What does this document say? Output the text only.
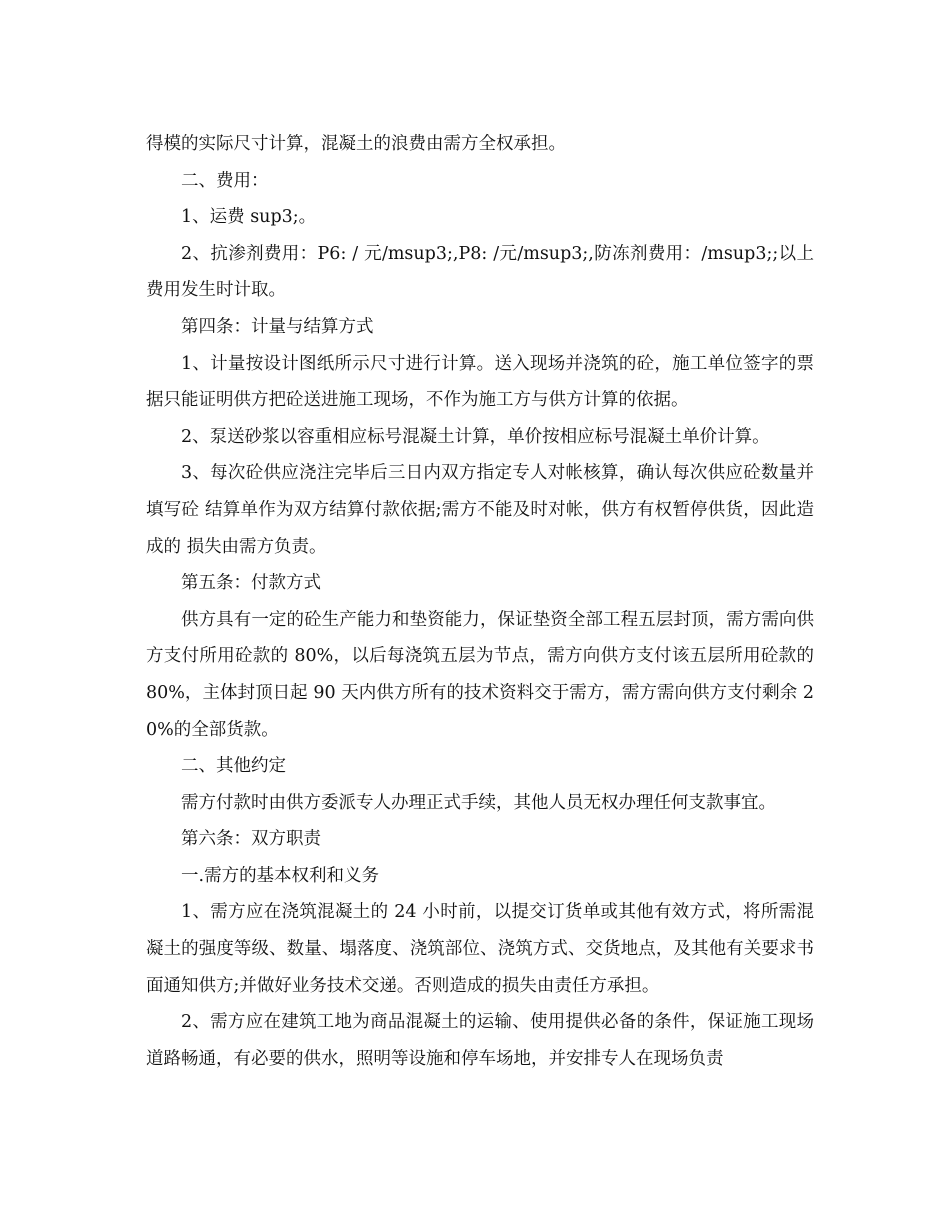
得模的实际尺寸计算，混凝土的浪费由需方全权承担。

二、费用：

1、运费 sup3;。

2、抗渗剂费用：P6: / 元/msup3;,P8: /元/msup3;,防冻剂费用：/msup3;;以上费用发生时计取。

第四条：计量与结算方式

1、计量按设计图纸所示尺寸进行计算。送入现场并浇筑的砼，施工单位签字的票据只能证明供方把砼送进施工现场，不作为施工方与供方计算的依据。

2、泵送砂浆以容重相应标号混凝土计算，单价按相应标号混凝土单价计算。

3、每次砼供应浇注完毕后三日内双方指定专人对帐核算，确认每次供应砼数量并填写砼 结算单作为双方结算付款依据;需方不能及时对帐，供方有权暂停供货，因此造成的 损失由需方负责。

第五条：付款方式

供方具有一定的砼生产能力和垫资能力，保证垫资全部工程五层封顶，需方需向供方支付所用砼款的 80%，以后每浇筑五层为节点，需方向供方支付该五层所用砼款的 80%，主体封顶日起 90 天内供方所有的技术资料交于需方，需方需向供方支付剩余 20%的全部货款。

二、其他约定

需方付款时由供方委派专人办理正式手续，其他人员无权办理任何支款事宜。

第六条：双方职责

一.需方的基本权利和义务

1、需方应在浇筑混凝土的 24 小时前，以提交订货单或其他有效方式，将所需混凝土的强度等级、数量、塌落度、浇筑部位、浇筑方式、交货地点，及其他有关要求书面通知供方;并做好业务技术交递。否则造成的损失由责任方承担。

2、需方应在建筑工地为商品混凝土的运输、使用提供必备的条件，保证施工现场道路畅通，有必要的供水，照明等设施和停车场地，并安排专人在现场负责
